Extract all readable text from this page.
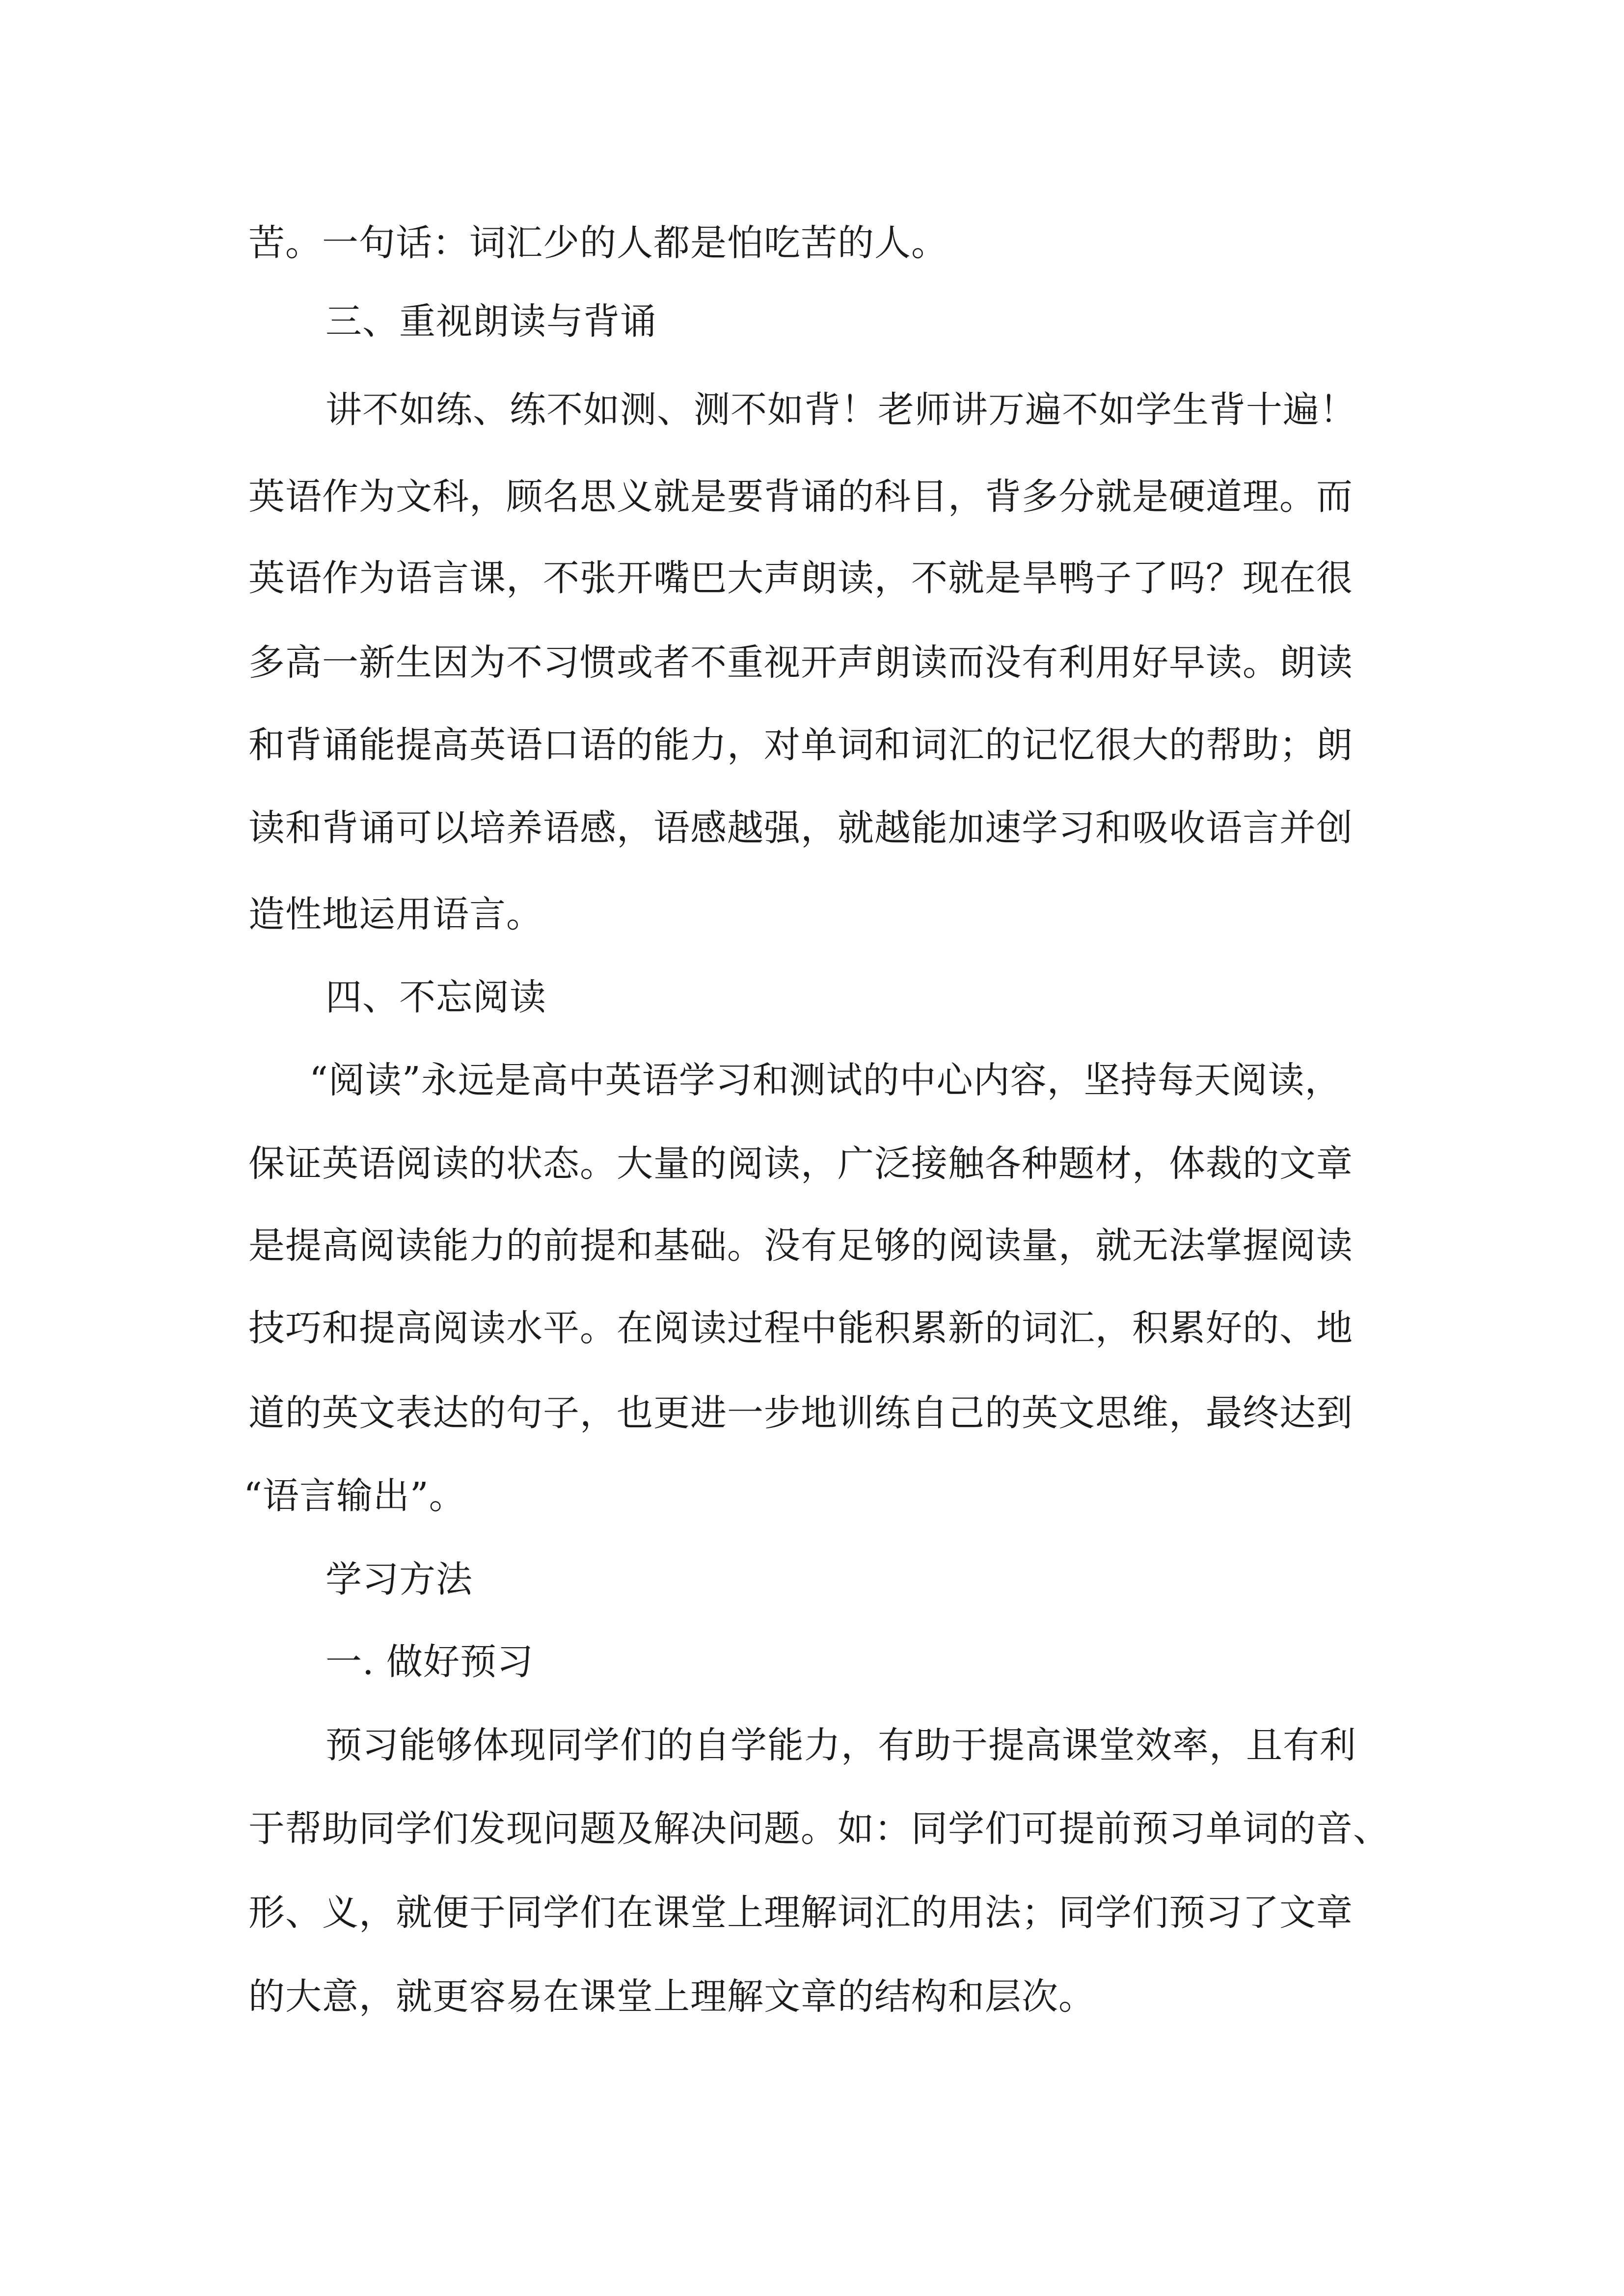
苦。一句话：词汇少的人都是怕吃苦的人。
三、重视朗读与背诵
讲不如练、练不如测、测不如背！老师讲万遍不如学生背十遍！
英语作为文科，顾名思义就是要背诵的科目，背多分就是硬道理。而
英语作为语言课，不张开嘴巴大声朗读，不就是旱鸭子了吗？现在很
多高一新生因为不习惯或者不重视开声朗读而没有利用好早读。朗读
和背诵能提高英语口语的能力，对单词和词汇的记忆很大的帮助；朗
读和背诵可以培养语感，语感越强，就越能加速学习和吸收语言并创
造性地运用语言。
四、不忘阅读
“阅读”永远是高中英语学习和测试的中心内容，坚持每天阅读，
保证英语阅读的状态。大量的阅读，广泛接触各种题材，体裁的文章
是提高阅读能力的前提和基础。没有足够的阅读量，就无法掌握阅读
技巧和提高阅读水平。在阅读过程中能积累新的词汇，积累好的、地
道的英文表达的句子，也更进一步地训练自己的英文思维，最终达到
“语言输出”。
学习方法
一. 做好预习
预习能够体现同学们的自学能力，有助于提高课堂效率，且有利
于帮助同学们发现问题及解决问题。如：同学们可提前预习单词的音、
形、义，就便于同学们在课堂上理解词汇的用法；同学们预习了文章
的大意，就更容易在课堂上理解文章的结构和层次。
